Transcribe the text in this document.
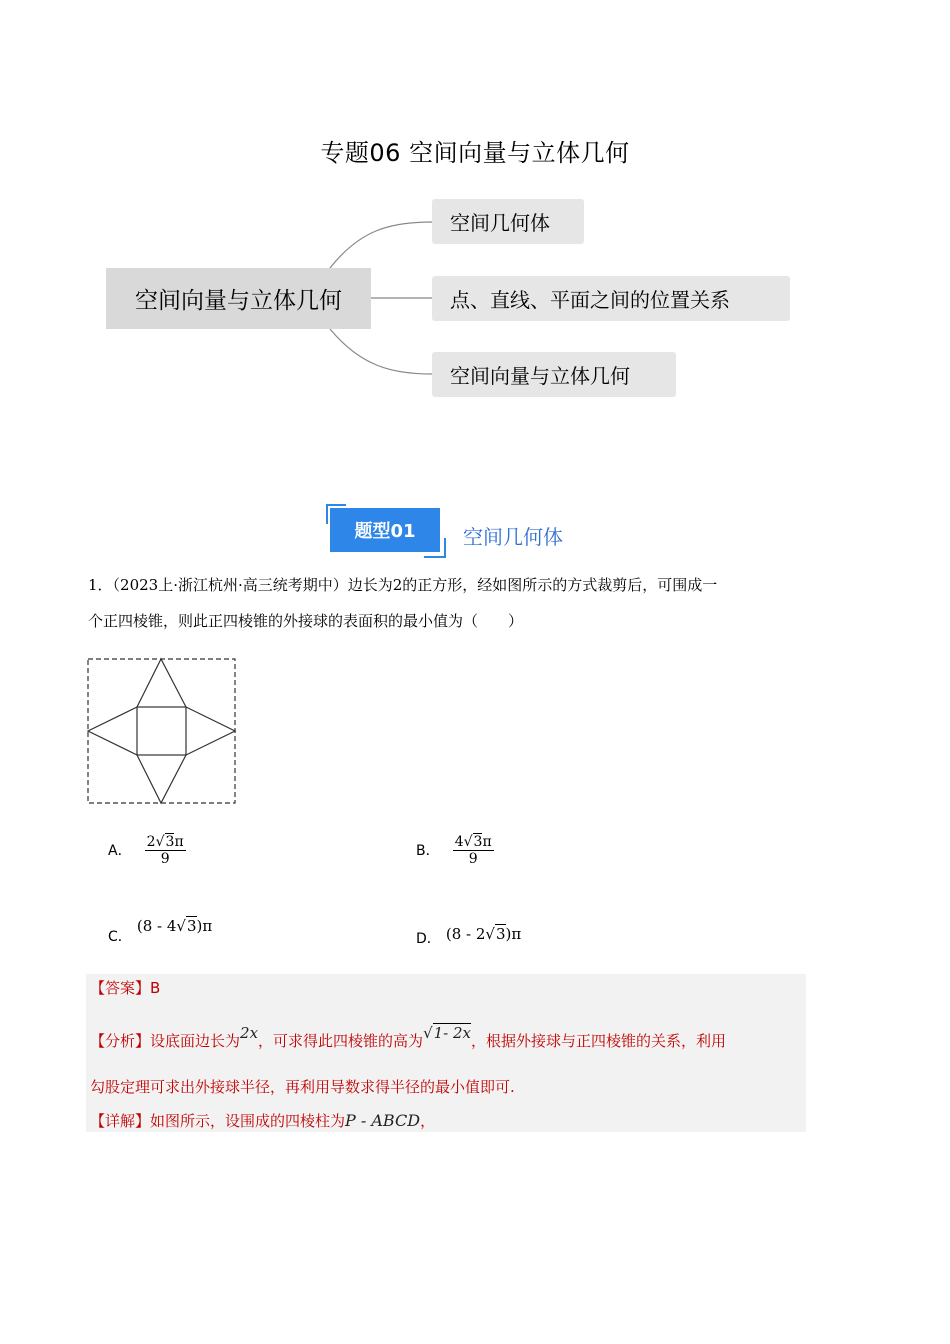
专题06 空间向量与立体几何
空间向量与立体几何
空间几何体
点、直线、平面之间的位置关系
空间向量与立体几何
题型01	空间几何体
1．（2023上·浙江杭州·高三统考期中）边长为2的正方形，经如图所示的方式裁剪后，可围成一
个正四棱锥，则此正四棱锥的外接球的表面积的最小值为（　　）
A． $\frac{2√3\pi}{9}$	B． $\frac{4√3\pi}{9}$
C． (8 - 4√3)π
D． (8 - 2√3)π
【答案】B
【分析】设底面边长为2x，可求得此四棱锥的高为√1- 2x，根据外接球与正四棱锥的关系，利用
勾股定理可求出外接球半径，再利用导数求得半径的最小值即可.
【详解】如图所示，设围成的四棱柱为P - ABCD，
